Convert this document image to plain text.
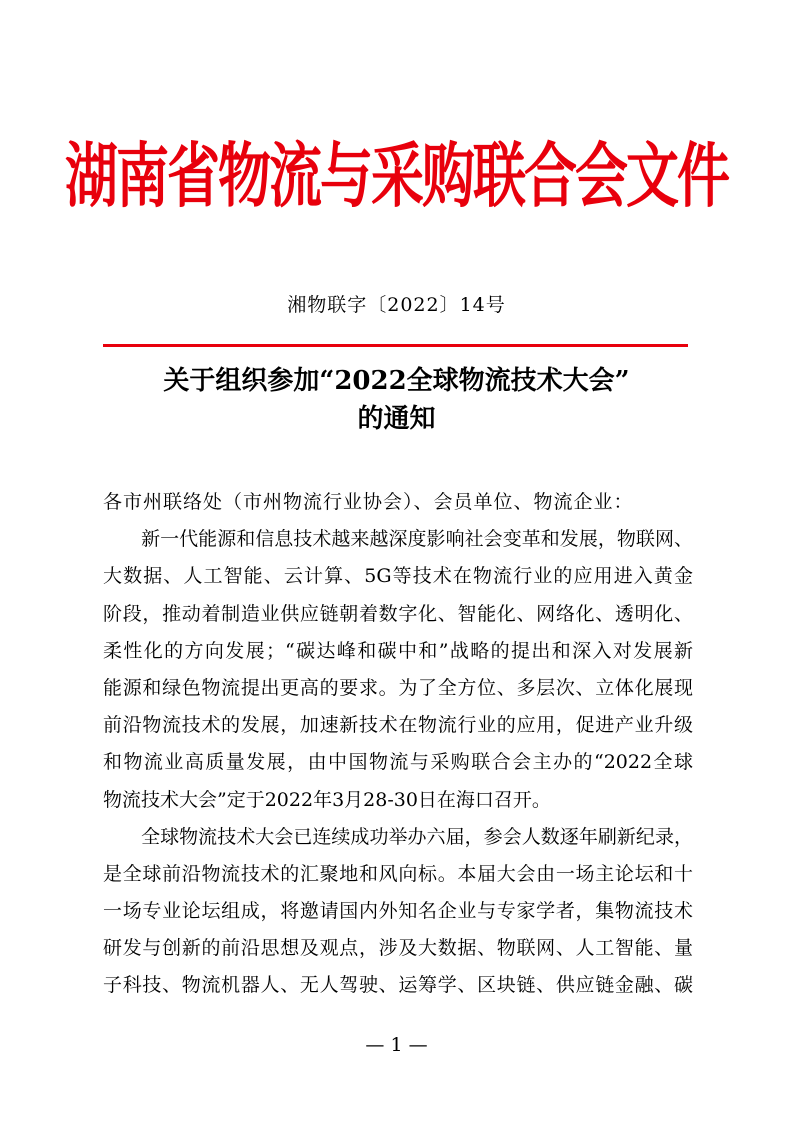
湖南省物流与采购联合会文件
湘物联字〔2022〕14号
关于组织参加“2022全球物流技术大会”
的通知
各市州联络处（市州物流行业协会）、会员单位、物流企业：
　　新一代能源和信息技术越来越深度影响社会变革和发展，物联网、
大数据、人工智能、云计算、5G等技术在物流行业的应用进入黄金
阶段，推动着制造业供应链朝着数字化、智能化、网络化、透明化、
柔性化的方向发展；“碳达峰和碳中和”战略的提出和深入对发展新
能源和绿色物流提出更高的要求。为了全方位、多层次、立体化展现
前沿物流技术的发展，加速新技术在物流行业的应用，促进产业升级
和物流业高质量发展，由中国物流与采购联合会主办的“2022全球
物流技术大会”定于2022年3月28-30日在海口召开。
　　全球物流技术大会已连续成功举办六届，参会人数逐年刷新纪录，
是全球前沿物流技术的汇聚地和风向标。本届大会由一场主论坛和十
一场专业论坛组成，将邀请国内外知名企业与专家学者，集物流技术
研发与创新的前沿思想及观点，涉及大数据、物联网、人工智能、量
子科技、物流机器人、无人驾驶、运筹学、区块链、供应链金融、碳
— 1 —
